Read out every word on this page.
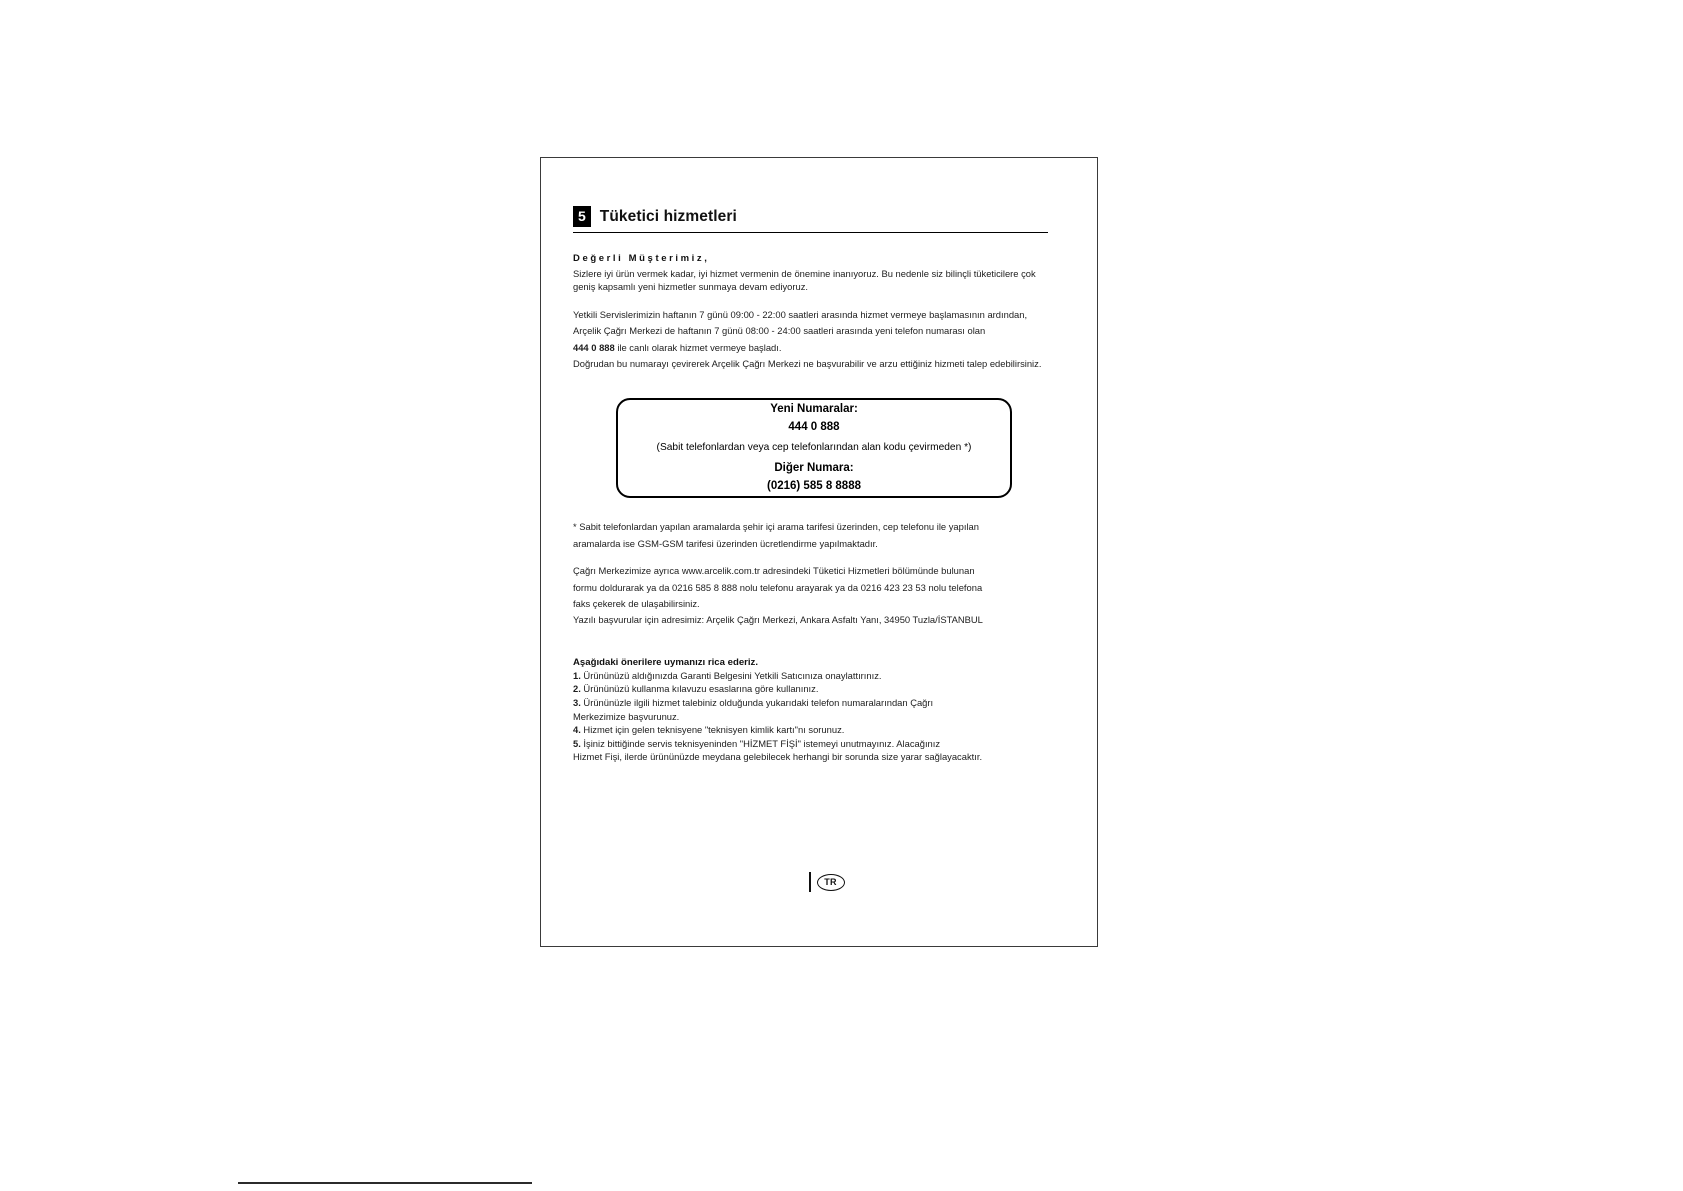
5 Tüketici hizmetleri
Değerli Müşterimiz,

Sizlere iyi ürün vermek kadar, iyi hizmet vermenin de önemine inanıyoruz. Bu nedenle siz bilinçli tüketicilere çok geniş kapsamlı yeni hizmetler sunmaya devam ediyoruz.

Yetkili Servislerimizin haftanın 7 günü 09:00 - 22:00 saatleri arasında hizmet vermeye başlamasının ardından,

Arçelik Çağrı Merkezi de haftanın 7 günü 08:00 - 24:00 saatleri arasında yeni telefon numarası olan

444 0 888 ile canlı olarak hizmet vermeye başladı.

Doğrudan bu numarayı çevirerek Arçelik Çağrı Merkezi ne başvurabilir ve arzu ettiğiniz hizmeti talep edebilirsiniz.

Yeni Numaralar:
444 0 888
(Sabit telefonlardan veya cep telefonlarından alan kodu çevirmeden *)
Diğer Numara:
(0216) 585 8 8888

* Sabit telefonlardan yapılan aramalarda şehir içi arama tarifesi üzerinden, cep telefonu ile yapılan

aramalarda ise GSM-GSM tarifesi üzerinden ücretlendirme yapılmaktadır.

Çağrı Merkezimize ayrıca www.arcelik.com.tr adresindeki Tüketici Hizmetleri bölümünde bulunan

formu doldurarak ya da 0216 585 8 888 nolu telefonu arayarak ya da 0216 423 23 53 nolu telefona

faks çekerek de ulaşabilirsiniz.

Yazılı başvurular için adresimiz: Arçelik Çağrı Merkezi, Ankara Asfaltı Yanı, 34950 Tuzla/İSTANBUL

Aşağıdaki önerilere uymanızı rica ederiz.
1. Ürününüzü aldığınızda Garanti Belgesini Yetkili Satıcınıza onaylattırınız.
2. Ürününüzü kullanma kılavuzu esaslarına göre kullanınız.
3. Ürününüzle ilgili hizmet talebiniz olduğunda yukarıdaki telefon numaralarından Çağrı
Merkezimize başvurunuz.
4. Hizmet için gelen teknisyene "teknisyen kimlik kartı"nı sorunuz.
5. İşiniz bittiğinde servis teknisyeninden "HİZMET FİŞİ" istemeyi unutmayınız. Alacağınız
Hizmet Fişi, ilerde ürününüzde meydana gelebilecek herhangi bir sorunda size yarar sağlayacaktır.
TR
